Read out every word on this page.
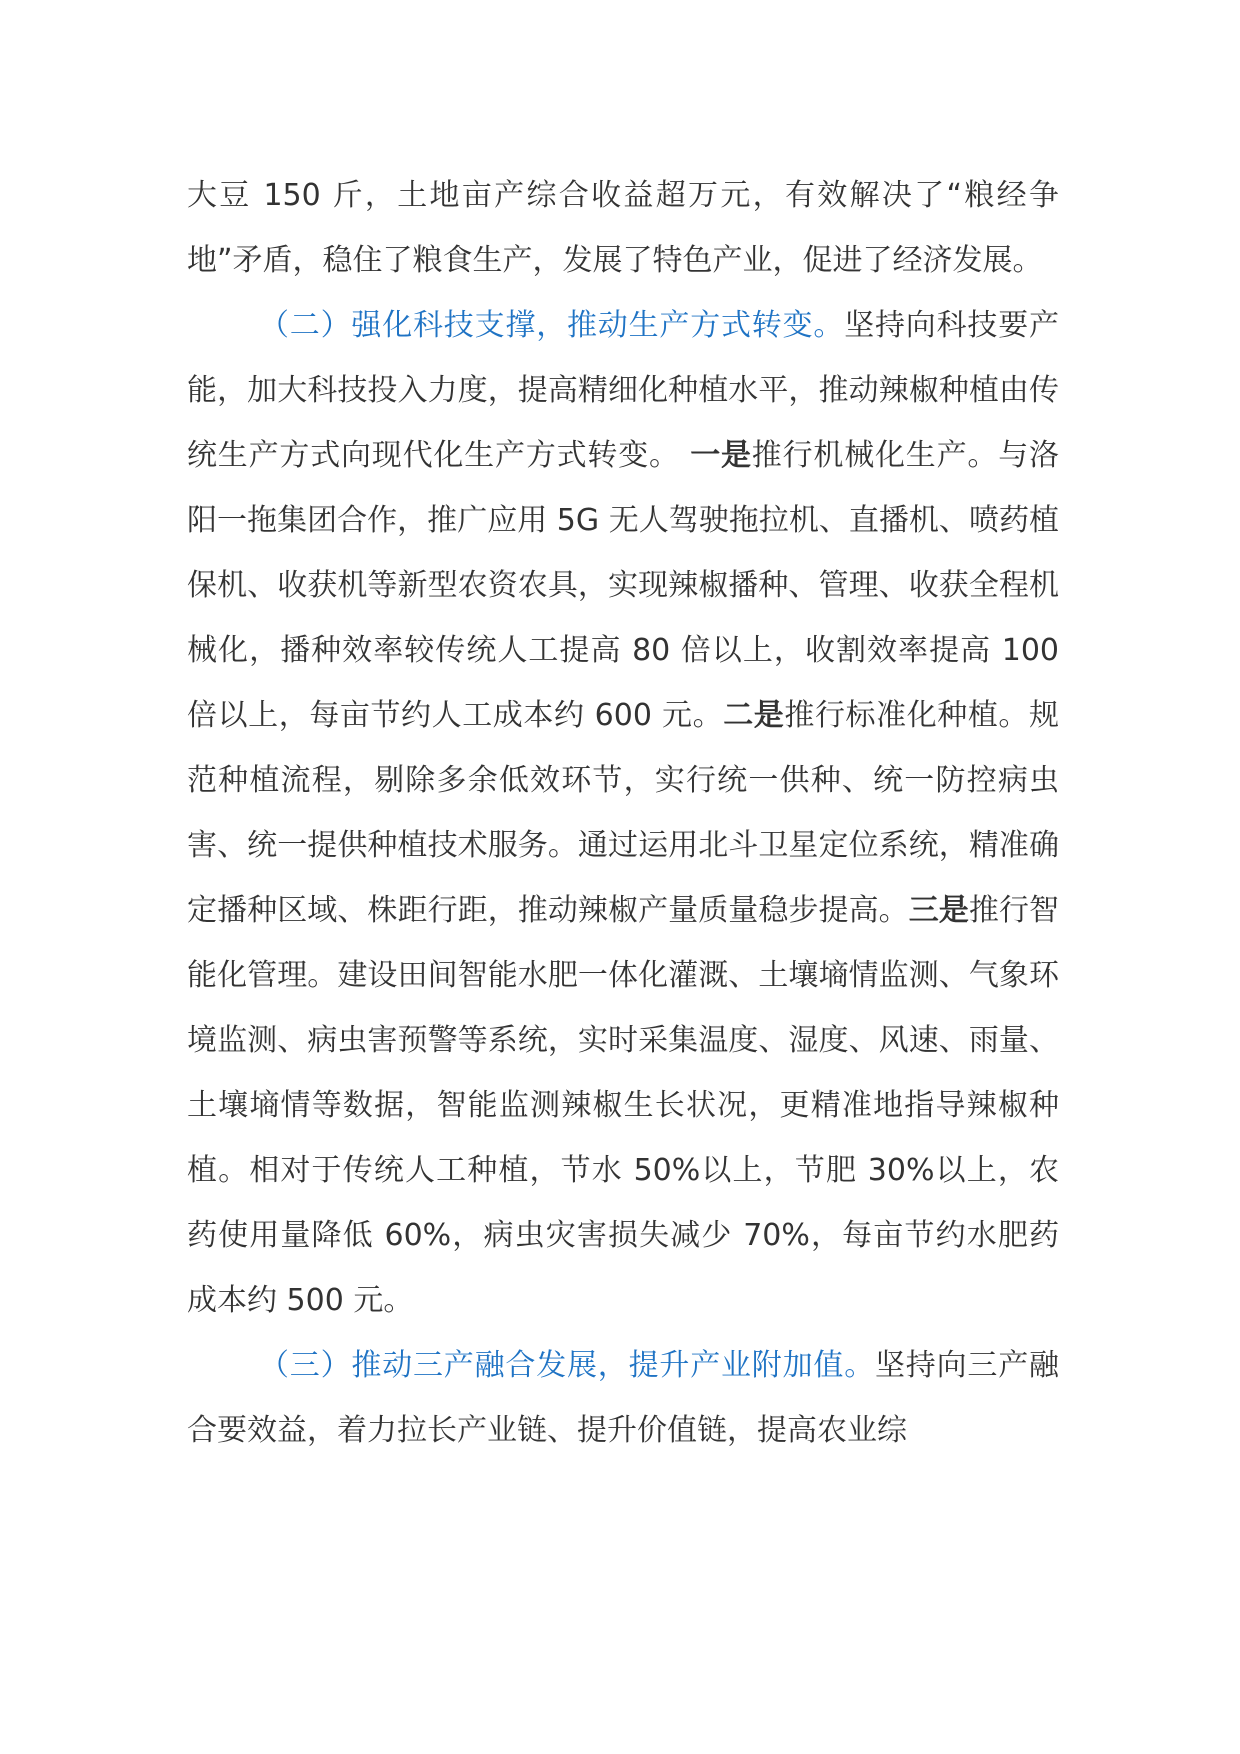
大豆 150 斤，土地亩产综合收益超万元，有效解决了“粮经争地”矛盾，稳住了粮食生产，发展了特色产业，促进了经济发展。

（二）强化科技支撑，推动生产方式转变。坚持向科技要产能，加大科技投入力度，提高精细化种植水平，推动辣椒种植由传统生产方式向现代化生产方式转变。 一是推行机械化生产。与洛阳一拖集团合作，推广应用 5G 无人驾驶拖拉机、直播机、喷药植保机、收获机等新型农资农具，实现辣椒播种、管理、收获全程机械化，播种效率较传统人工提高 80 倍以上，收割效率提高 100 倍以上，每亩节约人工成本约 600 元。二是推行标准化种植。规范种植流程，剔除多余低效环节，实行统一供种、统一防控病虫害、统一提供种植技术服务。通过运用北斗卫星定位系统，精准确定播种区域、株距行距，推动辣椒产量质量稳步提高。三是推行智能化管理。建设田间智能水肥一体化灌溉、土壤墒情监测、气象环境监测、病虫害预警等系统，实时采集温度、湿度、风速、雨量、土壤墒情等数据，智能监测辣椒生长状况，更精准地指导辣椒种植。相对于传统人工种植，节水 50%以上，节肥 30%以上，农药使用量降低 60%，病虫灾害损失减少 70%，每亩节约水肥药成本约 500 元。

（三）推动三产融合发展，提升产业附加值。坚持向三产融合要效益，着力拉长产业链、提升价值链，提高农业综
